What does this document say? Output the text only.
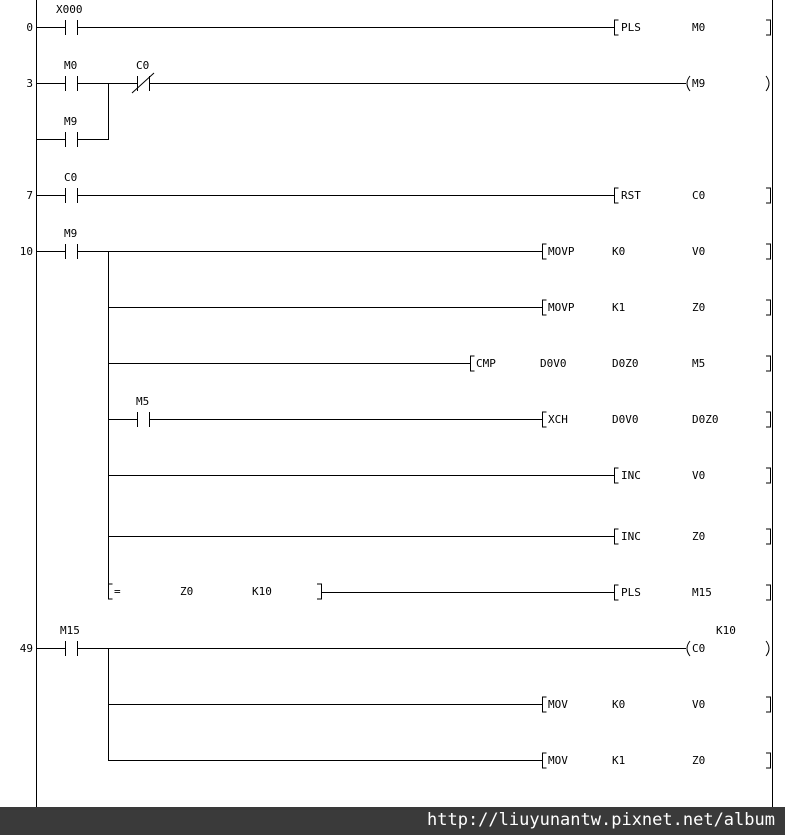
0
X000
PLS	M0
3
M0	C0
M9
M9
7
C0
RST	C0
10
M9
MOVP	K0	V0
MOVP	K1	Z0
CMP	D0V0	D0Z0	M5
M5
XCH	D0V0	D0Z0
INC	V0
INC	Z0
=	Z0	K10	PLS	M15
49
M15
C0
K10
MOV	K0	V0
MOV	K1	Z0
http://liuyunantw.pixnet.net/album
